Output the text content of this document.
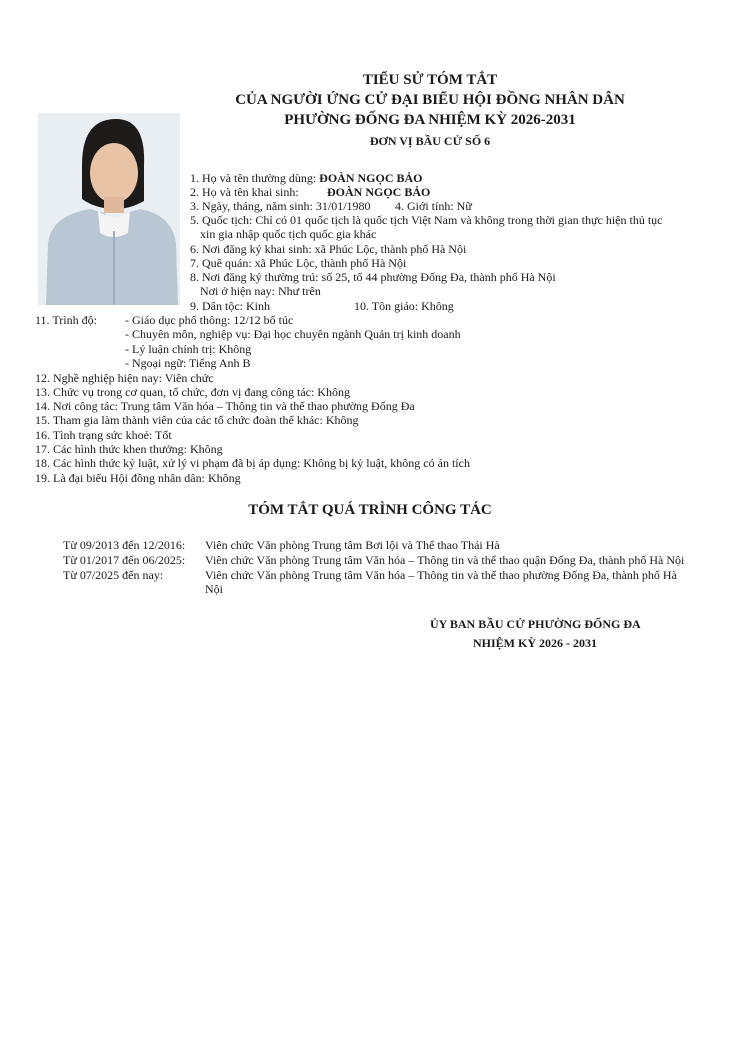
TIỂU SỬ TÓM TẮT
CỦA NGƯỜI ỨNG CỬ ĐẠI BIỂU HỘI ĐỒNG NHÂN DÂN
PHƯỜNG ĐỐNG ĐA NHIỆM KỲ 2026-2031
ĐƠN VỊ BẦU CỬ SỐ 6
1. Họ và tên thường dùng: ĐOÀN NGỌC BẢO
2. Họ và tên khai sinh: ĐOÀN NGỌC BẢO
3. Ngày, tháng, năm sinh: 31/01/1980 4. Giới tính: Nữ
5. Quốc tịch: Chỉ có 01 quốc tịch là quốc tịch Việt Nam và không trong thời gian thực hiện thủ tục
xin gia nhập quốc tịch quốc gia khác
6. Nơi đăng ký khai sinh: xã Phúc Lộc, thành phố Hà Nội
7. Quê quán: xã Phúc Lộc, thành phố Hà Nội
8. Nơi đăng ký thường trú: số 25, tổ 44 phường Đống Đa, thành phố Hà Nội
Nơi ở hiện nay: Như trên
9. Dân tộc: Kinh	10. Tôn giáo: Không
11. Trình độ: - Giáo dục phổ thông: 12/12 bổ túc
- Chuyên môn, nghiệp vụ: Đại học chuyên ngành Quản trị kinh doanh
- Lý luận chính trị: Không
- Ngoại ngữ: Tiếng Anh B
12. Nghề nghiệp hiện nay: Viên chức
13. Chức vụ trong cơ quan, tổ chức, đơn vị đang công tác: Không
14. Nơi công tác: Trung tâm Văn hóa – Thông tin và thể thao phường Đống Đa
15. Tham gia làm thành viên của các tổ chức đoàn thể khác: Không
16. Tình trạng sức khoẻ: Tốt
17. Các hình thức khen thưởng: Không
18. Các hình thức kỷ luật, xử lý vi phạm đã bị áp dụng: Không bị kỷ luật, không có án tích
19. Là đại biểu Hội đồng nhân dân: Không
TÓM TẮT QUÁ TRÌNH CÔNG TÁC
Từ 09/2013 đến 12/2016: Viên chức Văn phòng Trung tâm Bơi lội và Thể thao Thái Hà
Từ 01/2017 đến 06/2025: Viên chức Văn phòng Trung tâm Văn hóa – Thông tin và thể thao quận Đống Đa, thành phố Hà Nội
Từ 07/2025 đến nay:	Viên chức Văn phòng Trung tâm Văn hóa – Thông tin và thể thao phường Đống Đa, thành phố Hà
Nội
ỦY BAN BẦU CỬ PHƯỜNG ĐỐNG ĐA
NHIỆM KỲ 2026 - 2031
